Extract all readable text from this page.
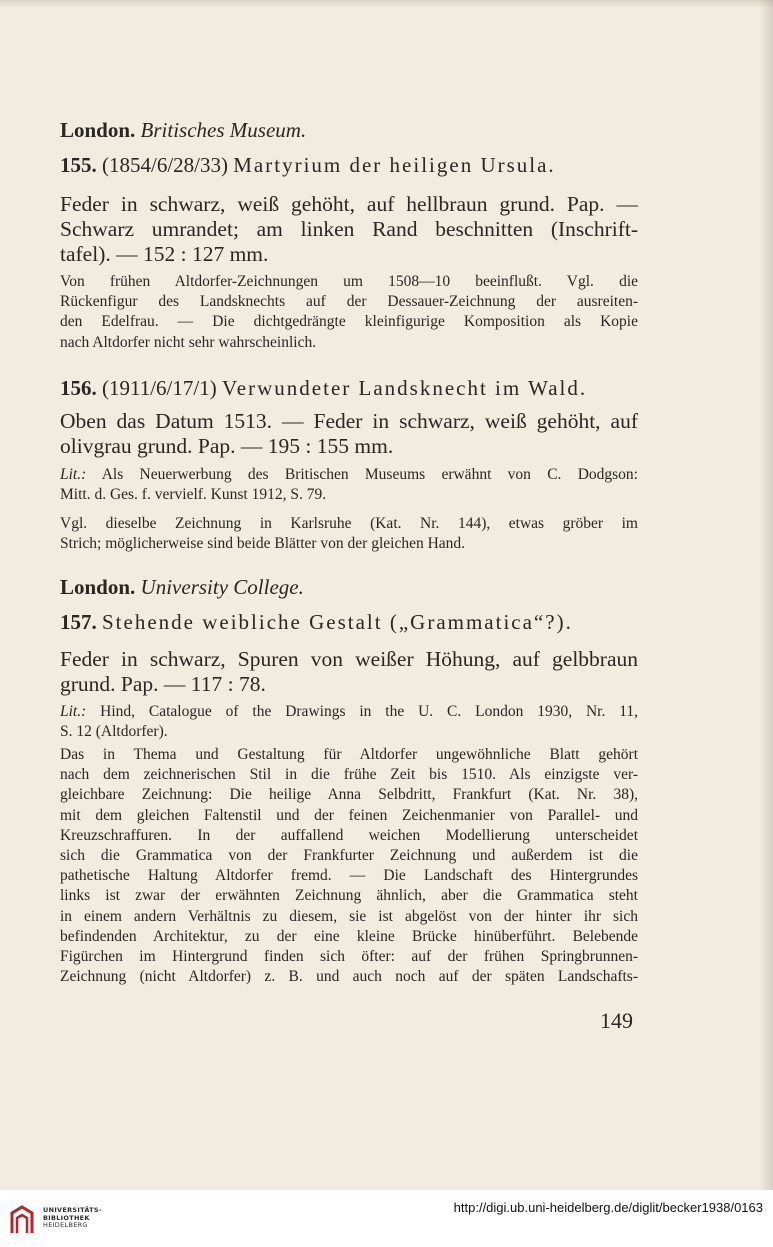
London. Britisches Museum.
155. (1854/6/28/33) Martyrium der heiligen Ursula.
Feder in schwarz, weiß gehöht, auf hellbraun grund. Pap. —
Schwarz umrandet; am linken Rand beschnitten (Inschrift-
tafel). — 152 : 127 mm.
Von frühen Altdorfer-Zeichnungen um 1508—10 beeinflußt. Vgl. die
Rückenfigur des Landsknechts auf der Dessauer-Zeichnung der ausreiten-
den Edelfrau. — Die dichtgedrängte kleinfigurige Komposition als Kopie
nach Altdorfer nicht sehr wahrscheinlich.
156. (1911/6/17/1) Verwundeter Landsknecht im Wald.
Oben das Datum 1513. — Feder in schwarz, weiß gehöht, auf
olivgrau grund. Pap. — 195 : 155 mm.
Lit.: Als Neuerwerbung des Britischen Museums erwähnt von C. Dodgson:
Mitt. d. Ges. f. vervielf. Kunst 1912, S. 79.
Vgl. dieselbe Zeichnung in Karlsruhe (Kat. Nr. 144), etwas gröber im
Strich; möglicherweise sind beide Blätter von der gleichen Hand.
London. University College.
157. Stehende weibliche Gestalt („Grammatica“?).
Feder in schwarz, Spuren von weißer Höhung, auf gelbbraun
grund. Pap. — 117 : 78.
Lit.: Hind, Catalogue of the Drawings in the U. C. London 1930, Nr. 11,
S. 12 (Altdorfer).
Das in Thema und Gestaltung für Altdorfer ungewöhnliche Blatt gehört
nach dem zeichnerischen Stil in die frühe Zeit bis 1510. Als einzigste ver-
gleichbare Zeichnung: Die heilige Anna Selbdritt, Frankfurt (Kat. Nr. 38),
mit dem gleichen Faltenstil und der feinen Zeichenmanier von Parallel- und
Kreuzschraffuren. In der auffallend weichen Modellierung unterscheidet
sich die Grammatica von der Frankfurter Zeichnung und außerdem ist die
pathetische Haltung Altdorfer fremd. — Die Landschaft des Hintergrundes
links ist zwar der erwähnten Zeichnung ähnlich, aber die Grammatica steht
in einem andern Verhältnis zu diesem, sie ist abgelöst von der hinter ihr sich
befindenden Architektur, zu der eine kleine Brücke hinüberführt. Belebende
Figürchen im Hintergrund finden sich öfter: auf der frühen Springbrunnen-
Zeichnung (nicht Altdorfer) z. B. und auch noch auf der späten Landschafts-
149
UNIVERSITÄTS-
BIBLIOTHEK
HEIDELBERG
http://digi.ub.uni-heidelberg.de/diglit/becker1938/0163
